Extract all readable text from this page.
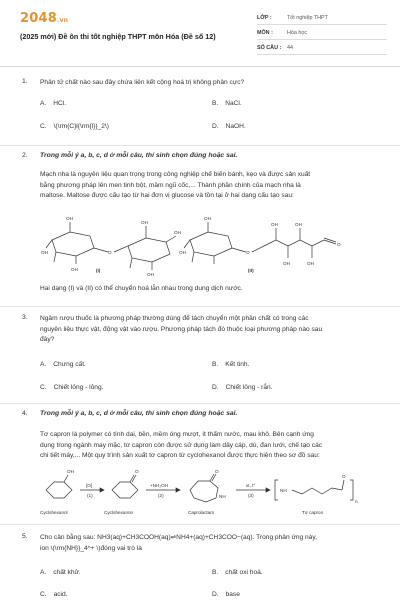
2048.vn
(2025 mới) Đề ôn thi tốt nghiệp THPT môn Hóa (Đề số 12)
LỚP :	Tốt nghiệp THPT
MÔN :	Hóa học
SỐ CÂU :	44
1. Phân tử chất nào sau đây chứa liên kết cộng hoá trị không phân cực?
A. HCl.	B. NaCl.
C. \(\rm{C}l{\rm{l}}_2\)	D. NaOH.
2. Trong mỗi ý a, b, c, d ở mỗi câu, thí sinh chọn đúng hoặc sai.
Mạch nha là nguyên liệu quan trọng trong công nghiệp chế biến bánh, kẹo và được sản xuất
bằng phương pháp lên men tinh bột, mầm ngũ cốc,... Thành phần chính của mạch nha là
maltose. Maltose được cấu tạo từ hai đơn vị glucose và tồn tại ở hai dạng cấu tạo sau:
OH
O
OH
OH
OH
OH
OH
OH
O
OH
OH
OH
OH
OH
O
(I)	(II)
Hai dạng (I) và (II) có thể chuyển hoá lẫn nhau trong dung dịch nước.
3. Ngâm rượu thuốc là phương pháp thường dùng để tách chuyển một phần chất có trong các
nguyên liệu thực vật, động vật vào rượu. Phương pháp tách đó thuộc loại phương pháp nào sau
đây?
A. Chưng cất.	B. Kết tinh.
C. Chiết lỏng - lỏng.	D. Chiết lỏng - rắn.
4. Trong mỗi ý a, b, c, d ở mỗi câu, thí sinh chọn đúng hoặc sai.
Tơ capron là polymer có tính dai, bền, mềm óng mượt, ít thấm nước, mau khô. Bên cạnh ứng
dụng trong ngành may mặc, tơ capron còn được sử dụng làm dây cáp, dù, đan lưới, chế tạo các
chi tiết máy,... Một quy trình sản xuất tơ capron từ cyclohexanol được thực hiện theo sơ đồ sau:
OH	O	O
NH
NH
O
n
[O]
(1)
+NH₂OH
(2)
xt, t°
(3)
Cyclohexanol	Cyclohexanon	Caprolactam	Tơ capron
5. Cho cân bằng sau: NH3(aq)+CH3COOH(aq)⇌NH4+(aq)+CH3COO−(aq). Trong phản ứng này,
ion \(\rm{NH}}_4^+ \)đóng vai trò là
A. chất khử.	B. chất oxi hoá.
C. acid.	D. base
